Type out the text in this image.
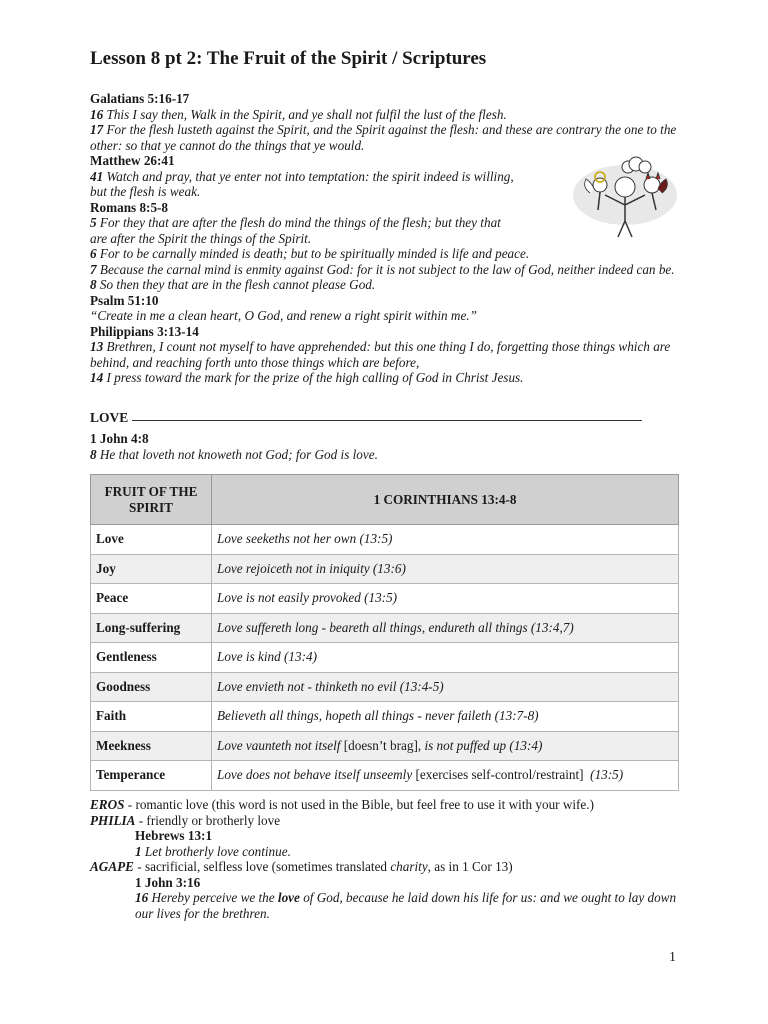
Lesson 8 pt 2: The Fruit of the Spirit / Scriptures
Galatians 5:16-17
16 This I say then, Walk in the Spirit, and ye shall not fulfil the lust of the flesh.
17 For the flesh lusteth against the Spirit, and the Spirit against the flesh: and these are contrary the one to the other: so that ye cannot do the things that ye would.
Matthew 26:41
41 Watch and pray, that ye enter not into temptation: the spirit indeed is willing,
but the flesh is weak.
Romans 8:5-8
5 For they that are after the flesh do mind the things of the flesh; but they that
are after the Spirit the things of the Spirit.
6 For to be carnally minded is death; but to be spiritually minded is life and peace.
7 Because the carnal mind is enmity against God: for it is not subject to the law of God, neither indeed can be.
8 So then they that are in the flesh cannot please God.
Psalm 51:10
“Create in me a clean heart, O God, and renew a right spirit within me.”
Philippians 3:13-14
13 Brethren, I count not myself to have apprehended: but this one thing I do, forgetting those things which are behind, and reaching forth unto those things which are before,
14 I press toward the mark for the prize of the high calling of God in Christ Jesus.
LOVE
1 John 4:8
8 He that loveth not knoweth not God; for God is love.
FRUIT OF THE SPIRIT	1 CORINTHIANS 13:4-8
Love	Love seeketh​s not her own (13:5)
Joy	Love rejoiceth not in iniquity (13:6)
Peace	Love is not easily provoked (13:5)
Long-suffering	Love suffereth long - beareth all things, endureth all things (13:4,7)
Gentleness	Love is kind (13:4)
Goodness	Love envieth not - thinketh no evil (13:4-5)
Faith	Believeth all things, hopeth all things - never faileth (13:7-8)
Meekness	Love vaunteth not itself [doesn’t brag], is not puffed up (13:4)
Temperance	Love does not behave itself unseemly [exercises self-control/restraint] (13:5)
EROS - romantic love (this word is not used in the Bible, but feel free to use it with your wife.)
PHILIA - friendly or brotherly love
Hebrews 13:1
1 Let brotherly love continue.
AGAPE - sacrificial, selfless love (sometimes translated charity, as in 1 Cor 13)
1 John 3:16
16 Hereby perceive we the love of God, because he laid down his life for us: and we ought to lay down our lives for the brethren.
1
